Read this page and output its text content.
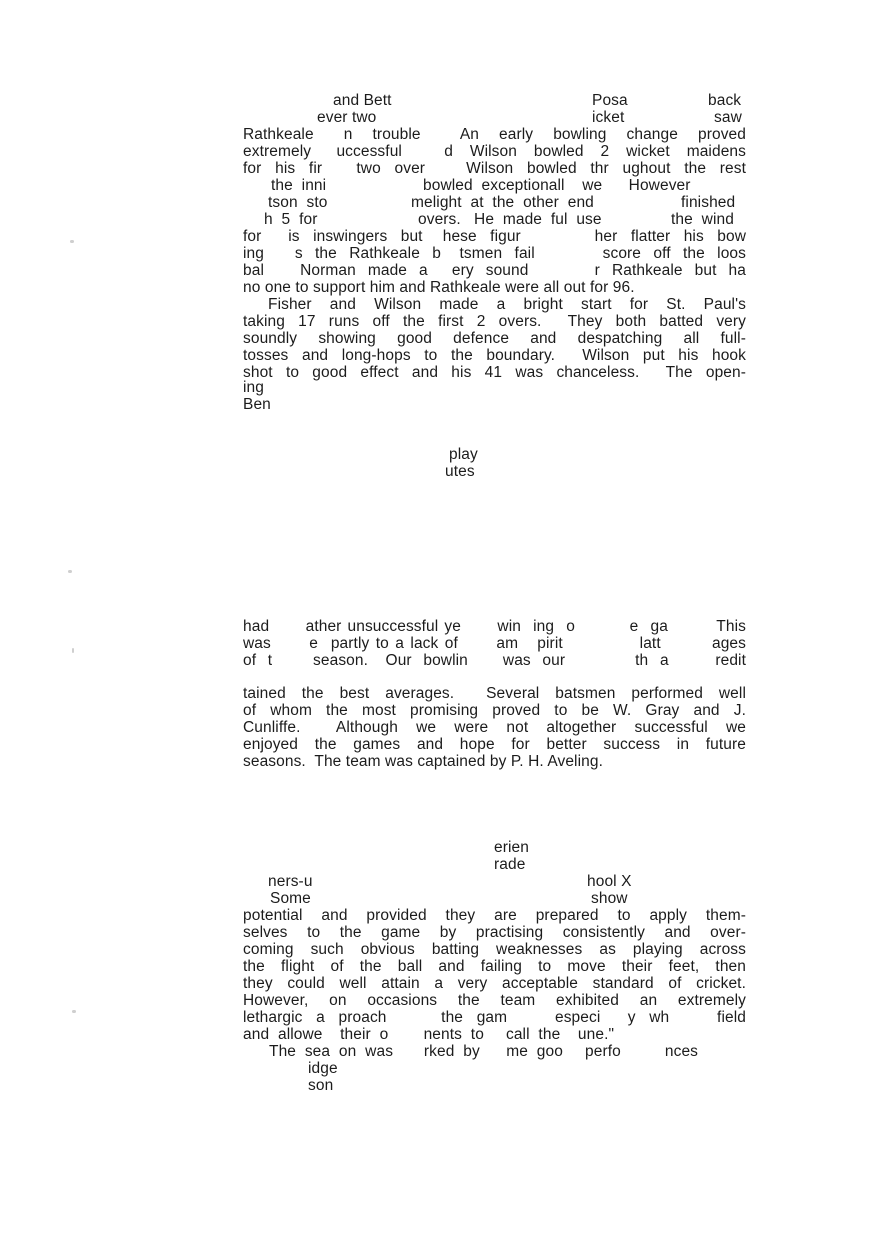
and Bett	Posa	back
ever two	icket	saw
Rathkeale   n  trouble    An  early  bowling  change  proved
extremely   uccessful     d  Wilson  bowled  2  wicket  maidens
for  his  fir     two  over      Wilson  bowled  thr  ughout  the  rest
the  inni	bowled  exceptionall    we      However
tson  sto	melight  at  the  other  end	finished
h  5  for	overs.   He  made  ful  use	the  wind
for    is  inswingers  but   hese  figur           her  flatter  his  bow
ing     s  the  Rathkeale  b   tsmen  fail           score  off  the  loos
bal      Norman  made  a    ery  sound           r  Rathkeale  but  ha
no one to support him and Rathkeale were all out for 96.
Fisher and Wilson made a bright start for St. Paul's
taking 17 runs off the first 2 overs.  They both batted very
soundly showing good defence and despatching all full-
tosses and long-hops to the boundary.  Wilson put his hook
shot to good effect and his 41 was chanceless.  The open-
ing
Ben
play
utes
had      ather unsuccessful ye      win  ing  o         e  ga        This
was      e  partly to a lack of      am   pirit            latt        ages
of  t       season.   Our  bowlin      was  our            th  a        redit
tained the best averages.  Several batsmen performed well
of whom the most promising proved to be W. Gray and J.
Cunliffe.  Although we were not altogether successful we
enjoyed the games and hope for better success in future
seasons.  The team was captained by P. H. Aveling.
erien
rade
ners-u	hool X
Some	show
potential and provided they are prepared to apply them-
selves to the game by practising consistently and over-
coming such obvious batting weaknesses as playing across
the flight of the ball and failing to move their feet, then
they could well attain a very acceptable standard of cricket.
However, on occasions the team exhibited an extremely
lethargic  a  proach        the  gam       especi    y  wh       field
and  allowe    their  o        nents  to     call  the    une."
The  sea  on  was       rked  by      me  goo     perfo          nces
idge
son
